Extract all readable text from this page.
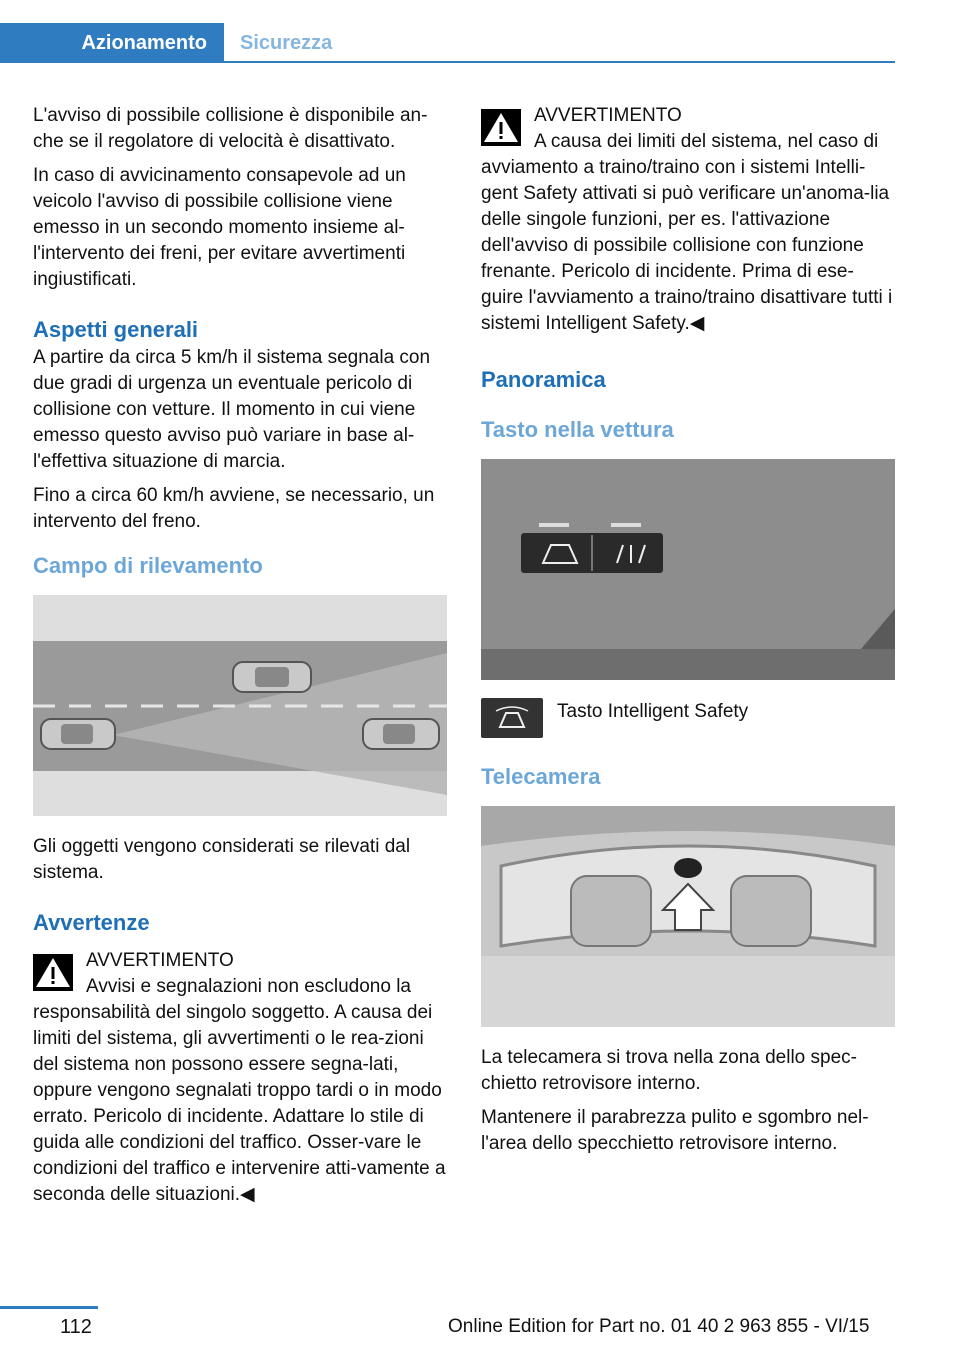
Azionamento	Sicurezza

L'avviso di possibile collisione è disponibile an-che se il regolatore di velocità è disattivato.

In caso di avvicinamento consapevole ad un veicolo l'avviso di possibile collisione viene emesso in un secondo momento insieme al-l'intervento dei freni, per evitare avvertimenti ingiustificati.

Aspetti generali

A partire da circa 5 km/h il sistema segnala con due gradi di urgenza un eventuale pericolo di collisione con vetture. Il momento in cui viene emesso questo avviso può variare in base al-l'effettiva situazione di marcia.

Fino a circa 60 km/h avviene, se necessario, un intervento del freno.

Campo di rilevamento

Gli oggetti vengono considerati se rilevati dal sistema.

Avvertenze
AVVERTIMENTO
Avvisi e segnalazioni non escludono la responsabilità del singolo soggetto. A causa dei limiti del sistema, gli avvertimenti o le rea-zioni del sistema non possono essere segna-lati, oppure vengono segnalati troppo tardi o in modo errato. Pericolo di incidente. Adattare lo stile di guida alle condizioni del traffico. Osser-vare le condizioni del traffico e intervenire atti-vamente a seconda delle situazioni.◀
AVVERTIMENTO
A causa dei limiti del sistema, nel caso di avviamento a traino/traino con i sistemi Intelli-gent Safety attivati si può verificare un'anoma-lia delle singole funzioni, per es. l'attivazione dell'avviso di possibile collisione con funzione frenante. Pericolo di incidente. Prima di ese-guire l'avviamento a traino/traino disattivare tutti i sistemi Intelligent Safety.◀
Panoramica
Tasto nella vettura
Tasto Intelligent Safety
Telecamera

La telecamera si trova nella zona dello spec-chietto retrovisore interno.

Mantenere il parabrezza pulito e sgombro nel-l'area dello specchietto retrovisore interno.

112	Online Edition for Part no. 01 40 2 963 855 - VI/15
